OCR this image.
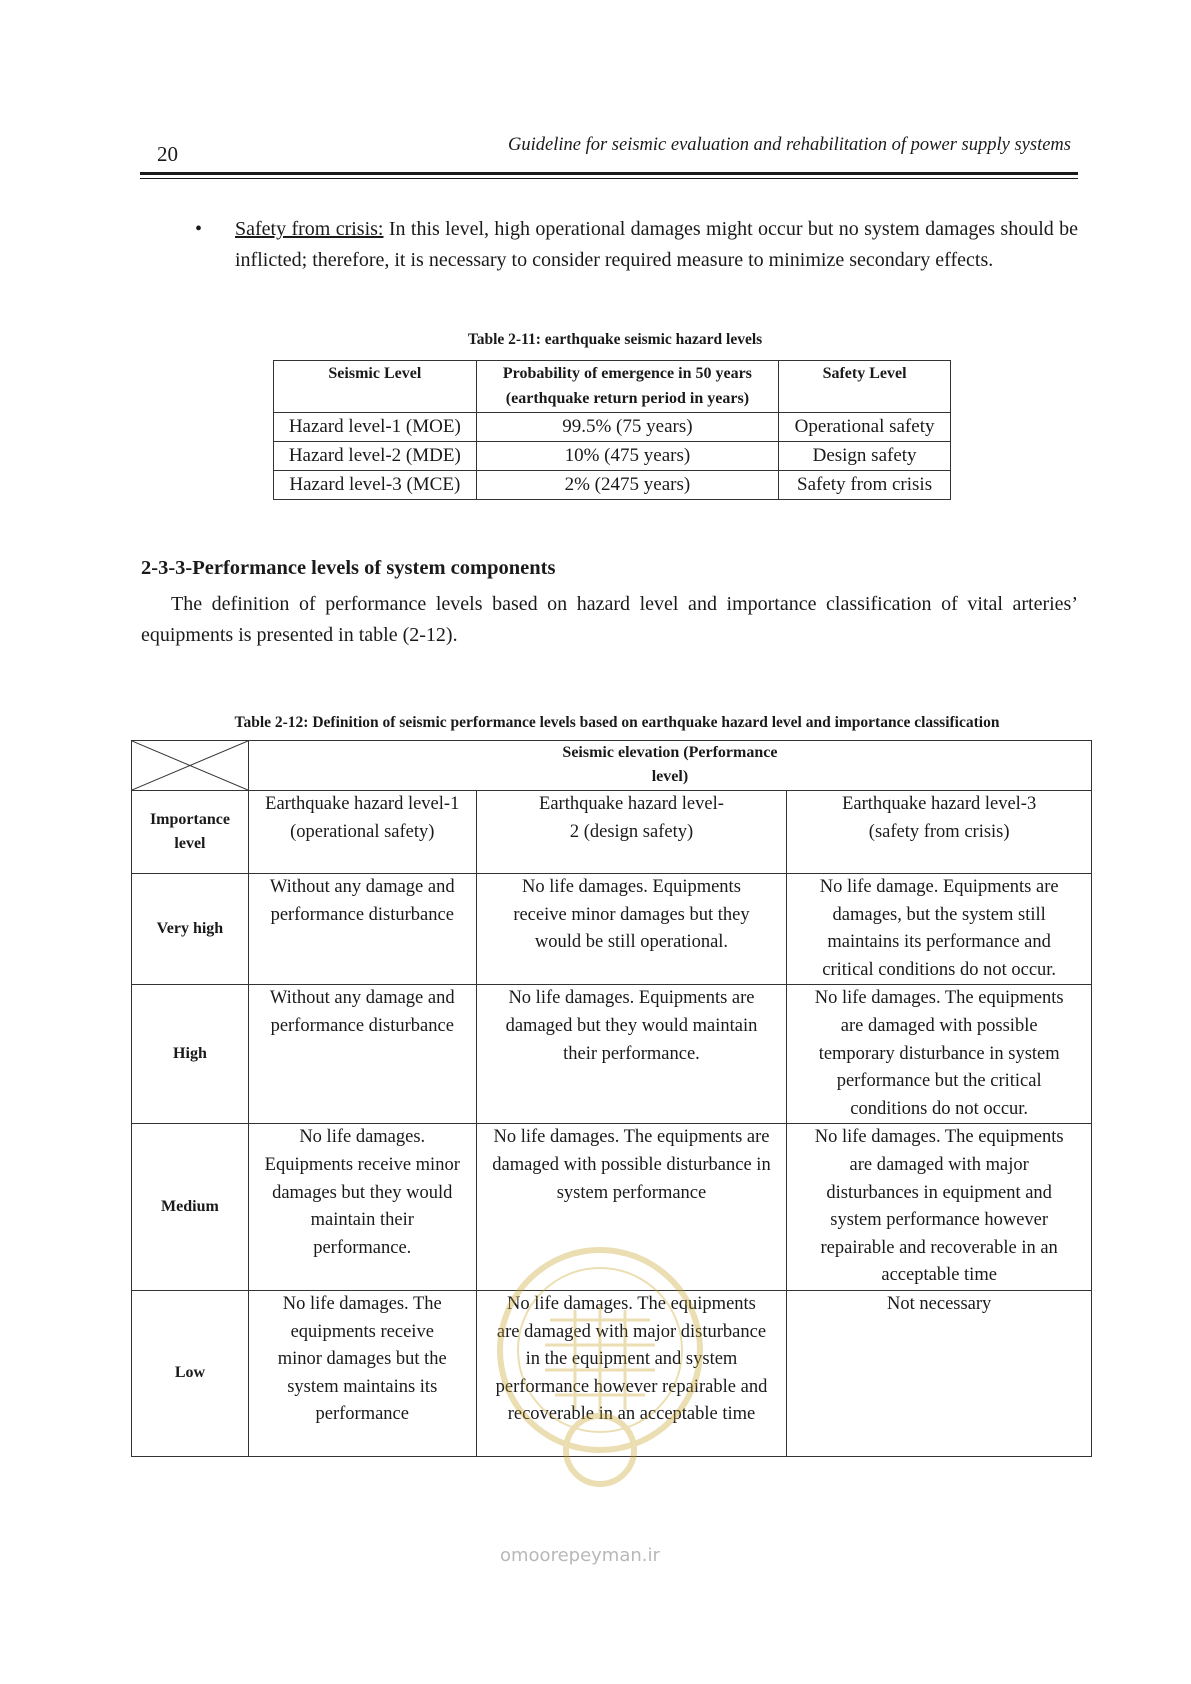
20	Guideline for seismic evaluation and rehabilitation of power supply systems
• Safety from crisis: In this level, high operational damages might occur but no system damages should be inflicted; therefore, it is necessary to consider required measure to minimize secondary effects.
Table 2-11: earthquake seismic hazard levels
Seismic Level	Probability of emergence in 50 years (earthquake return period in years)	Safety Level
Hazard level-1 (MOE)	99.5% (75 years)	Operational safety
Hazard level-2 (MDE)	10% (475 years)	Design safety
Hazard level-3 (MCE)	2% (2475 years)	Safety from crisis
2-3-3-Performance levels of system components
The definition of performance levels based on hazard level and importance classification of vital arteries’ equipments is presented in table (2-12).
Table 2-12: Definition of seismic performance levels based on earthquake hazard level and importance classification
	Seismic elevation (Performance level)		
Importance level	Earthquake hazard level-1 (operational safety)	Earthquake hazard level-2 (design safety)	Earthquake hazard level-3 (safety from crisis)
Very high	Without any damage and performance disturbance	No life damages. Equipments receive minor damages but they would be still operational.	No life damage. Equipments are damages, but the system still maintains its performance and critical conditions do not occur.
High	Without any damage and performance disturbance	No life damages. Equipments are damaged but they would maintain their performance.	No life damages. The equipments are damaged with possible temporary disturbance in system performance but the critical conditions do not occur.
Medium	No life damages. Equipments receive minor damages but they would maintain their performance.	No life damages. The equipments are damaged with possible disturbance in system performance	No life damages. The equipments are damaged with major disturbances in equipment and system performance however repairable and recoverable in an acceptable time
Low	No life damages. The equipments receive minor damages but the system maintains its performance	No life damages. The equipments are damaged with major disturbance in the equipment and system performance however repairable and recoverable in an acceptable time	Not necessary
omoorepeyman.ir
